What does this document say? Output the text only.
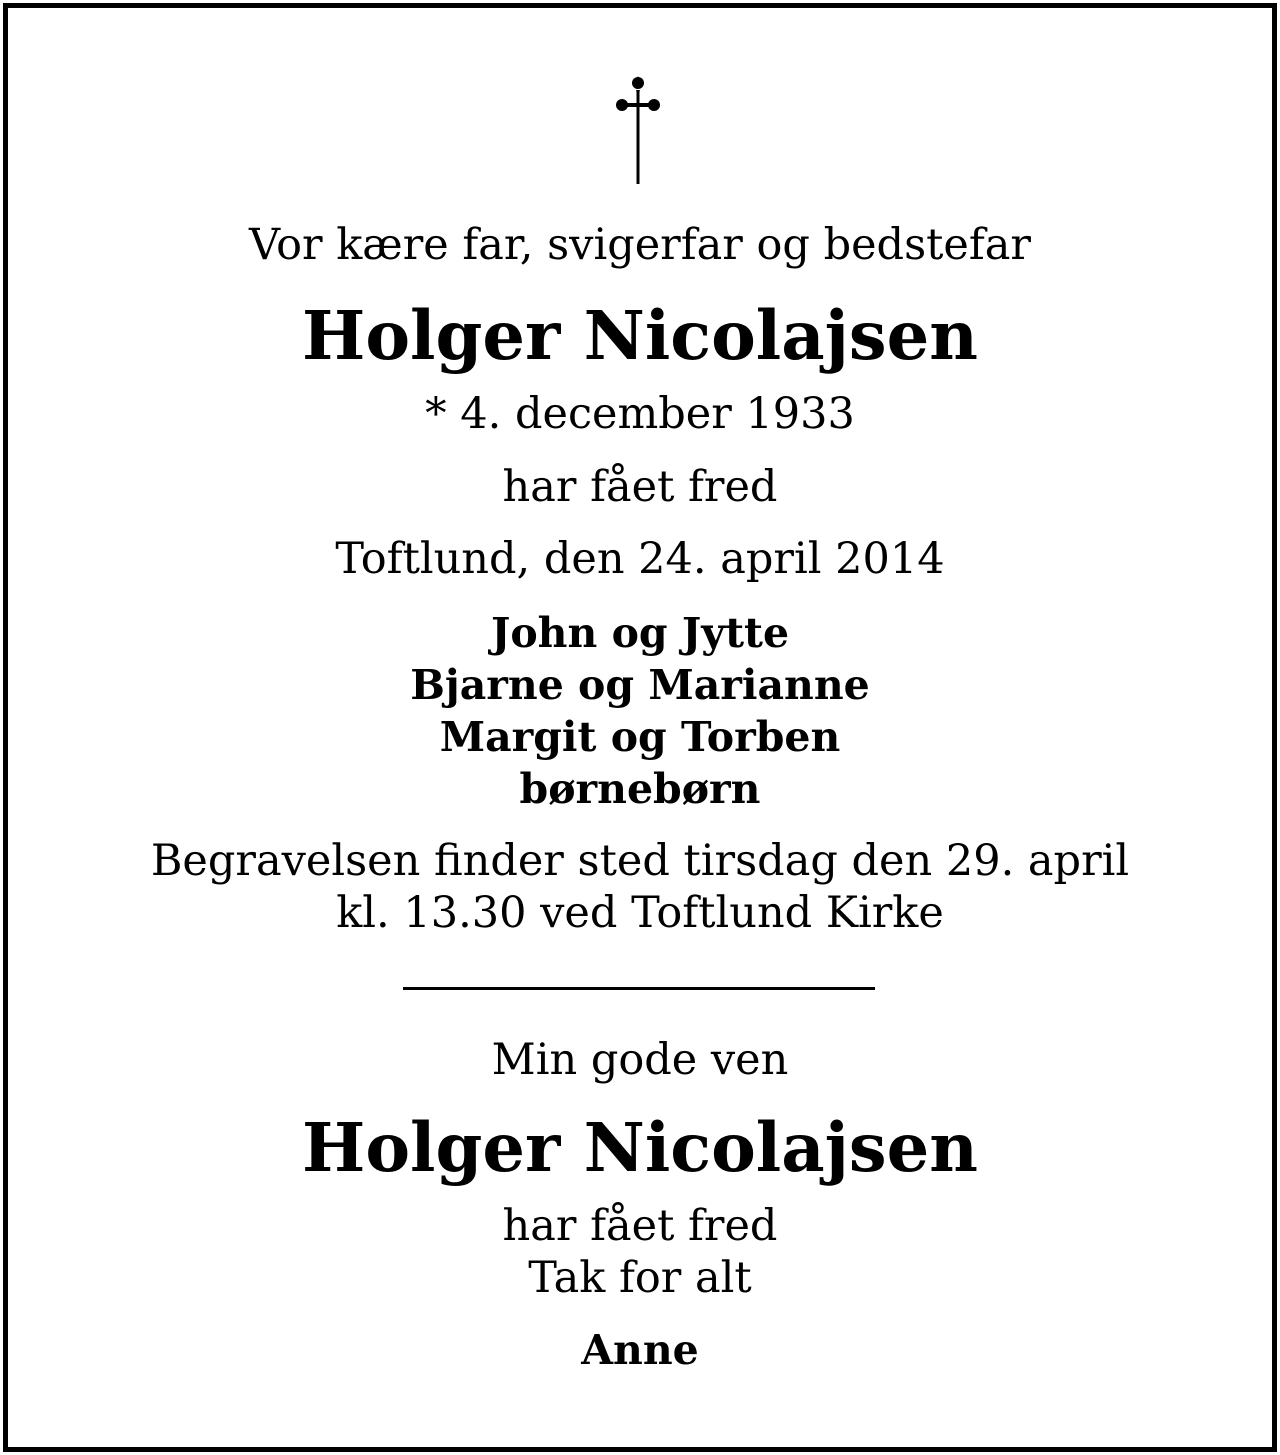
Vor kære far, svigerfar og bedstefar
Holger Nicolajsen
* 4. december 1933
har fået fred
Toftlund, den 24. april 2014
John og Jytte
Bjarne og Marianne
Margit og Torben
børnebørn
Begravelsen finder sted tirsdag den 29. april
kl. 13.30 ved Toftlund Kirke
Min gode ven
Holger Nicolajsen
har fået fred
Tak for alt
Anne
